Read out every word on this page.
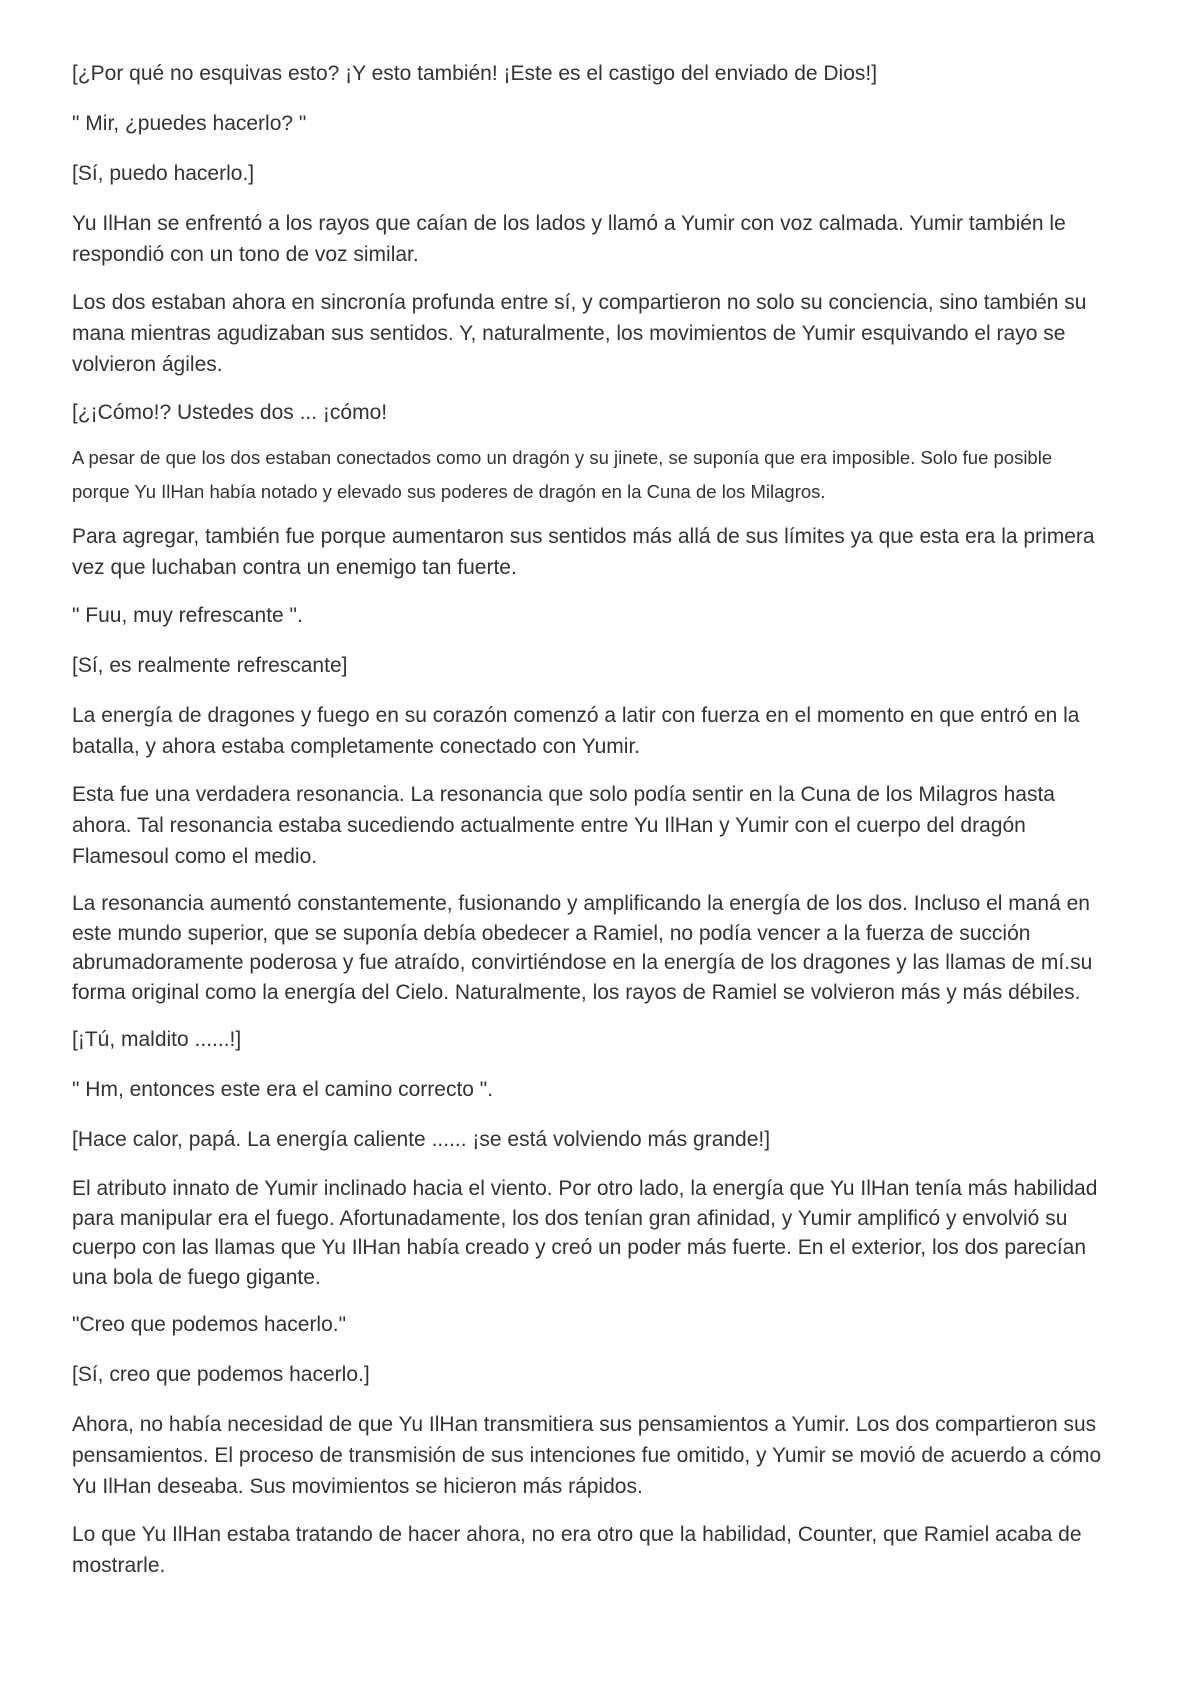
[¿Por qué no esquivas esto? ¡Y esto también! ¡Este es el castigo del enviado de Dios!]

" Mir, ¿puedes hacerlo? "

[Sí, puedo hacerlo.]

Yu IlHan se enfrentó a los rayos que caían de los lados y llamó a Yumir con voz calmada. Yumir también le respondió con un tono de voz similar.

Los dos estaban ahora en sincronía profunda entre sí, y compartieron no solo su conciencia, sino también su mana mientras agudizaban sus sentidos. Y, naturalmente, los movimientos de Yumir esquivando el rayo se volvieron ágiles.

[¿¡Cómo!? Ustedes dos ... ¡cómo!

A pesar de que los dos estaban conectados como un dragón y su jinete, se suponía que era imposible. Solo fue posible porque Yu IlHan había notado y elevado sus poderes de dragón en la Cuna de los Milagros.

Para agregar, también fue porque aumentaron sus sentidos más allá de sus límites ya que esta era la primera vez que luchaban contra un enemigo tan fuerte.

" Fuu, muy refrescante ".

[Sí, es realmente refrescante]

La energía de dragones y fuego en su corazón comenzó a latir con fuerza en el momento en que entró en la batalla, y ahora estaba completamente conectado con Yumir.

Esta fue una verdadera resonancia. La resonancia que solo podía sentir en la Cuna de los Milagros hasta ahora. Tal resonancia estaba sucediendo actualmente entre Yu IlHan y Yumir con el cuerpo del dragón Flamesoul como el medio.

La resonancia aumentó constantemente, fusionando y amplificando la energía de los dos. Incluso el maná en este mundo superior, que se suponía debía obedecer a Ramiel, no podía vencer a la fuerza de succión abrumadoramente poderosa y fue atraído, convirtiéndose en la energía de los dragones y las llamas de mí.su forma original como la energía del Cielo. Naturalmente, los rayos de Ramiel se volvieron más y más débiles.

[¡Tú, maldito ......!]

" Hm, entonces este era el camino correcto ".

[Hace calor, papá. La energía caliente ...... ¡se está volviendo más grande!]

El atributo innato de Yumir inclinado hacia el viento. Por otro lado, la energía que Yu IlHan tenía más habilidad para manipular era el fuego. Afortunadamente, los dos tenían gran afinidad, y Yumir amplificó y envolvió su cuerpo con las llamas que Yu IlHan había creado y creó un poder más fuerte. En el exterior, los dos parecían una bola de fuego gigante.

"Creo que podemos hacerlo."

[Sí, creo que podemos hacerlo.]

Ahora, no había necesidad de que Yu IlHan transmitiera sus pensamientos a Yumir. Los dos compartieron sus pensamientos. El proceso de transmisión de sus intenciones fue omitido, y Yumir se movió de acuerdo a cómo Yu IlHan deseaba. Sus movimientos se hicieron más rápidos.

Lo que Yu IlHan estaba tratando de hacer ahora, no era otro que la habilidad, Counter, que Ramiel acaba de mostrarle.
